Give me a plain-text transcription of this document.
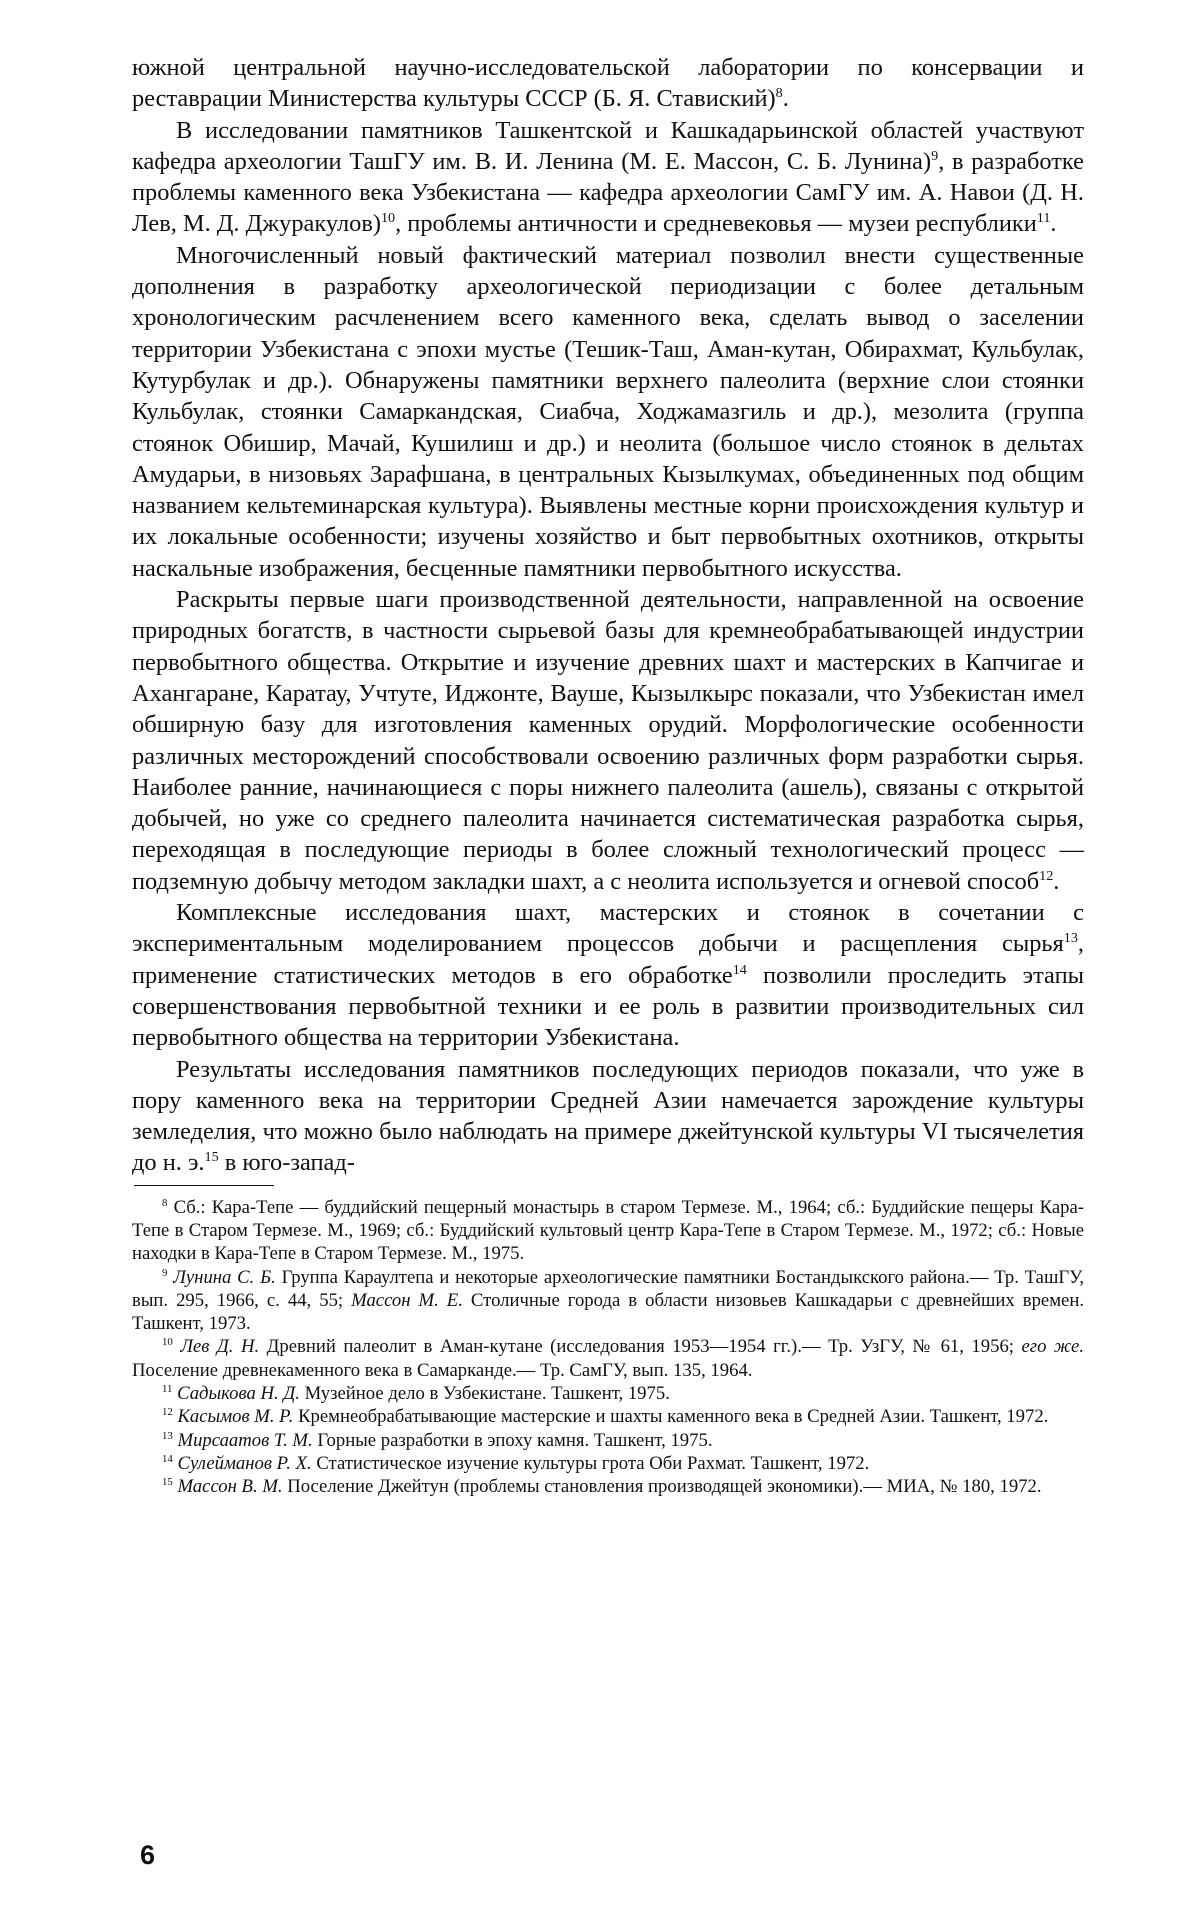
южной центральной научно-исследовательской лаборатории по консервации и реставрации Министерства культуры СССР (Б. Я. Ставиский)$^8$.

В исследовании памятников Ташкентской и Кашкадарьинской областей участвуют кафедра археологии ТашГУ им. В. И. Ленина (М. Е. Массон, С. Б. Лунина)$^9$, в разработке проблемы каменного века Узбекистана — кафедра археологии СамГУ им. А. Навои (Д. Н. Лев, М. Д. Джуракулов)$^{10}$, проблемы античности и средневековья — музеи республики$^{11}$.

Многочисленный новый фактический материал позволил внести существенные дополнения в разработку археологической периодизации с более детальным хронологическим расчленением всего каменного века, сделать вывод о заселении территории Узбекистана с эпохи мустье (Тешик-Таш, Аман-кутан, Обирахмат, Кульбулак, Кутурбулак и др.). Обнаружены памятники верхнего палеолита (верхние слои стоянки Кульбулак, стоянки Самаркандская, Сиабча, Ходжамазгиль и др.), мезолита (группа стоянок Обишир, Мачай, Кушилиш и др.) и неолита (большое число стоянок в дельтах Амударьи, в низовьях Зарафшана, в центральных Кызылкумах, объединенных под общим названием кельтеминарская культура). Выявлены местные корни происхождения культур и их локальные особенности; изучены хозяйство и быт первобытных охотников, открыты наскальные изображения, бесценные памятники первобытного искусства.

Раскрыты первые шаги производственной деятельности, направленной на освоение природных богатств, в частности сырьевой базы для кремнеобрабатывающей индустрии первобытного общества. Открытие и изучение древних шахт и мастерских в Капчигае и Ахангаране, Каратау, Учтуте, Иджонте, Вауше, Кызылкырс показали, что Узбекистан имел обширную базу для изготовления каменных орудий. Морфологические особенности различных месторождений способствовали освоению различных форм разработки сырья. Наиболее ранние, начинающиеся с поры нижнего палеолита (ашель), связаны с открытой добычей, но уже со среднего палеолита начинается систематическая разработка сырья, переходящая в последующие периоды в более сложный технологический процесс — подземную добычу методом закладки шахт, а с неолита используется и огневой способ$^{12}$.

Комплексные исследования шахт, мастерских и стоянок в сочетании с экспериментальным моделированием процессов добычи и расщепления сырья$^{13}$, применение статистических методов в его обработке$^{14}$ позволили проследить этапы совершенствования первобытной техники и ее роль в развитии производительных сил первобытного общества на территории Узбекистана.

Результаты исследования памятников последующих периодов показали, что уже в пору каменного века на территории Средней Азии намечается зарождение культуры земледелия, что можно было наблюдать на примере джейтунской культуры VI тысячелетия до н. э.$^{15}$ в юго-запад-

$^8$ Сб.: Кара-Тепе — буддийский пещерный монастырь в старом Термезе. М., 1964; сб.: Буддийские пещеры Кара-Тепе в Старом Термезе. М., 1969; сб.: Буддийский культовый центр Кара-Тепе в Старом Термезе. М., 1972; сб.: Новые находки в Кара-Тепе в Старом Термезе. М., 1975.

$^9$ Лунина С. Б. Группа Караултепа и некоторые археологические памятники Бостандыкского района.— Тр. ТашГУ, вып. 295, 1966, с. 44, 55; Массон М. Е. Столичные города в области низовьев Кашкадарьи с древнейших времен. Ташкент, 1973.

$^{10}$ Лев Д. Н. Древний палеолит в Аман-кутане (исследования 1953—1954 гг.).— Тр. УзГУ, № 61, 1956; его же. Поселение древнекаменного века в Самарканде.— Тр. СамГУ, вып. 135, 1964.

$^{11}$ Садыкова Н. Д. Музейное дело в Узбекистане. Ташкент, 1975.

$^{12}$ Касымов М. Р. Кремнеобрабатывающие мастерские и шахты каменного века в Средней Азии. Ташкент, 1972.

$^{13}$ Мирсаатов Т. М. Горные разработки в эпоху камня. Ташкент, 1975.

$^{14}$ Сулейманов Р. Х. Статистическое изучение культуры грота Оби Рахмат. Ташкент, 1972.

$^{15}$ Массон В. М. Поселение Джейтун (проблемы становления производящей экономики).— МИА, № 180, 1972.

6
